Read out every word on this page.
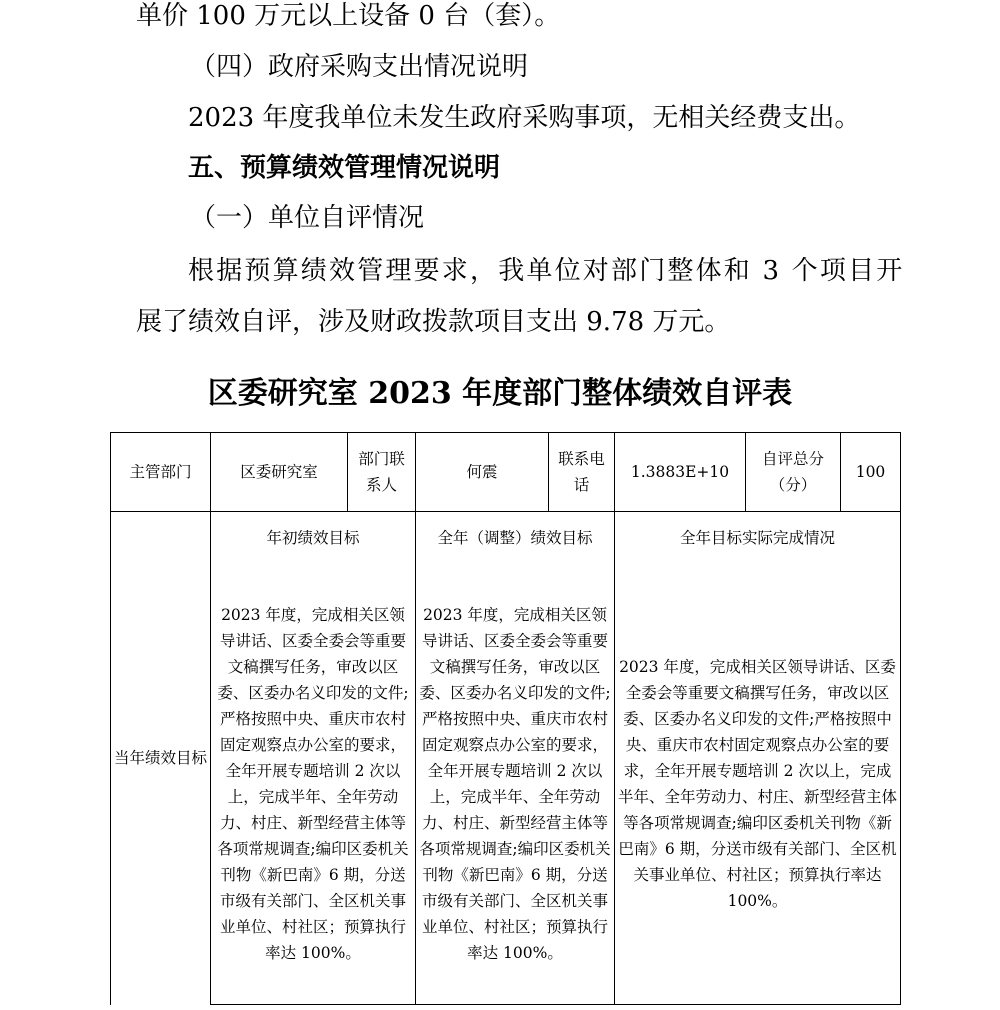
单价 100 万元以上设备 0 台（套）。
（四）政府采购支出情况说明
2023 年度我单位未发生政府采购事项，无相关经费支出。
五、预算绩效管理情况说明
（一）单位自评情况
根据预算绩效管理要求，我单位对部门整体和 3 个项目开
展了绩效自评，涉及财政拨款项目支出 9.78 万元。
区委研究室 2023 年度部门整体绩效自评表
主管部门	区委研究室	部门联系人	何震	联系电话	1.3883E+10	自评总分（分）	100
当年绩效目标	年初绩效目标		全年（调整）绩效目标		全年目标实际完成情况		
	2023 年度，完成相关区领导讲话、区委全委会等重要文稿撰写任务，审改以区委、区委办名义印发的文件;严格按照中央、重庆市农村固定观察点办公室的要求，全年开展专题培训 2 次以上，完成半年、全年劳动力、村庄、新型经营主体等各项常规调查;编印区委机关刊物《新巴南》6 期，分送市级有关部门、全区机关事业单位、村社区；预算执行率达 100%。		2023 年度，完成相关区领导讲话、区委全委会等重要文稿撰写任务，审改以区委、区委办名义印发的文件;严格按照中央、重庆市农村固定观察点办公室的要求，全年开展专题培训 2 次以上，完成半年、全年劳动力、村庄、新型经营主体等各项常规调查;编印区委机关刊物《新巴南》6 期，分送市级有关部门、全区机关事业单位、村社区；预算执行率达 100%。		2023 年度，完成相关区领导讲话、区委全委会等重要文稿撰写任务，审改以区委、区委办名义印发的文件;严格按照中央、重庆市农村固定观察点办公室的要求，全年开展专题培训 2 次以上，完成半年、全年劳动力、村庄、新型经营主体等各项常规调查;编印区委机关刊物《新巴南》6 期，分送市级有关部门、全区机关事业单位、村社区；预算执行率达 100%。		
